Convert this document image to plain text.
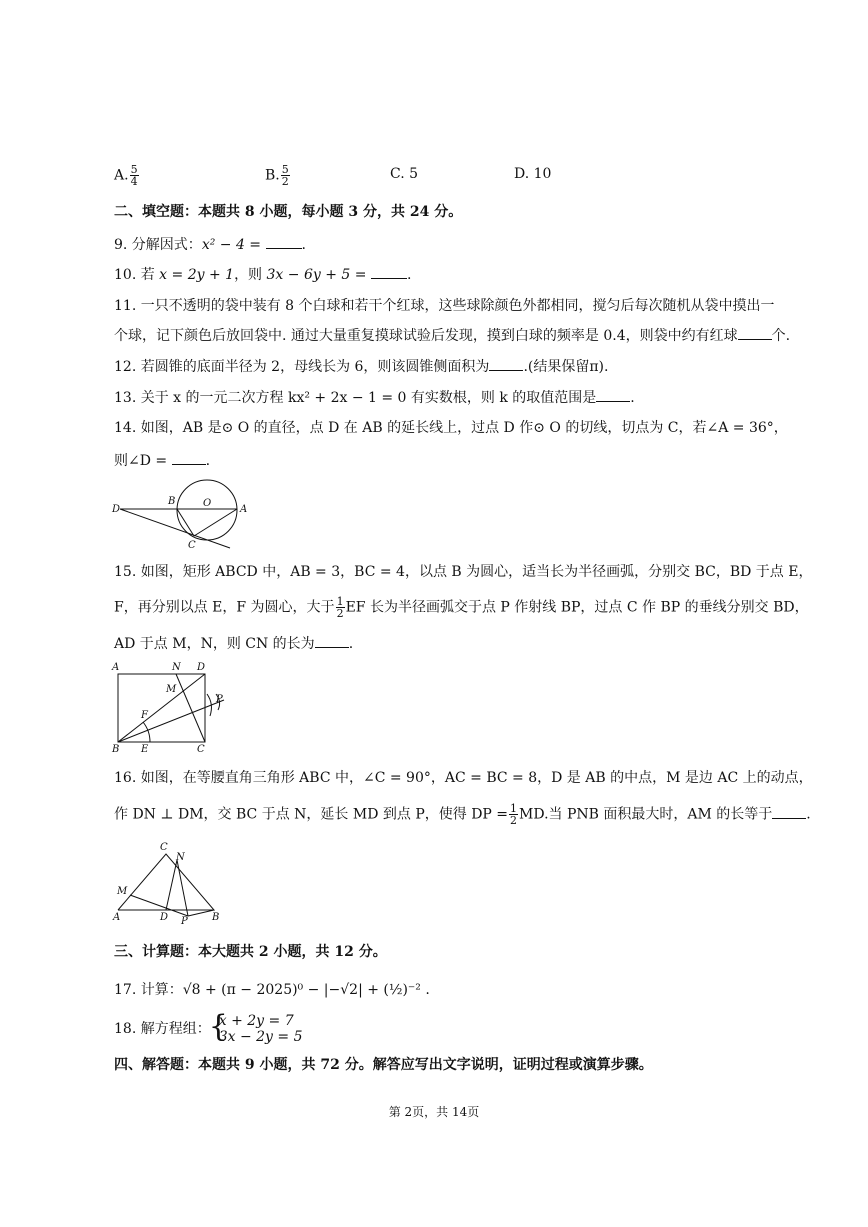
A. $\frac{5}{4}$	B. $\frac{5}{2}$	C. 5	D. 10
二、填空题：本题共 8 小题，每小题 3 分，共 24 分。
9. 分解因式：x² − 4 =	.
10. 若 x = 2y + 1，则 3x − 6y + 5 =	.
11. 一只不透明的袋中装有 8 个白球和若干个红球，这些球除颜色外都相同，搅匀后每次随机从袋中摸出一
个球，记下颜色后放回袋中. 通过大量重复摸球试验后发现，摸到白球的频率是 0.4，则袋中约有红球 个.
12. 若圆锥的底面半径为 2，母线长为 6，则该圆锥侧面积为 .(结果保留π).
13. 关于 x 的一元二次方程 kx² + 2x − 1 = 0 有实数根，则 k 的取值范围是 .
14. 如图，AB 是⊙ O 的直径，点 D 在 AB 的延长线上，过点 D 作⊙ O 的切线，切点为 C，若∠A = 36°，
则∠D =	.
D
B	O
A
C
15. 如图，矩形 ABCD 中，AB = 3，BC = 4，以点 B 为圆心，适当长为半径画弧，分别交 BC，BD 于点 E，
F，再分别以点 E，F 为圆心，大于 $\frac{1}{2}$ EF 长为半径画弧交于点 P 作射线 BP，过点 C 作 BP 的垂线分别交 BD，
AD 于点 M，N，则 CN 的长为 .
A	N D
M
P
F
B E	C
16. 如图，在等腰直角三角形 ABC 中，∠C = 90°，AC = BC = 8，D 是 AB 的中点，M 是边 AC 上的动点，
作 DN ⊥ DM，交 BC 于点 N，延长 MD 到点 P，使得 DP = $\frac{1}{2}$ MD.当 PNB 面积最大时，AM 的长等于 .
C
N
M
A	D P B
三、计算题：本大题共 2 小题，共 12 分。
17. 计算：√8 + (π − 2025)⁰ − |−√2| + (½)⁻² .
18. 解方程组：{ x + 2y = 7
3x − 2y = 5
四、解答题：本题共 9 小题，共 72 分。解答应写出文字说明，证明过程或演算步骤。
第 2页，共 14页
